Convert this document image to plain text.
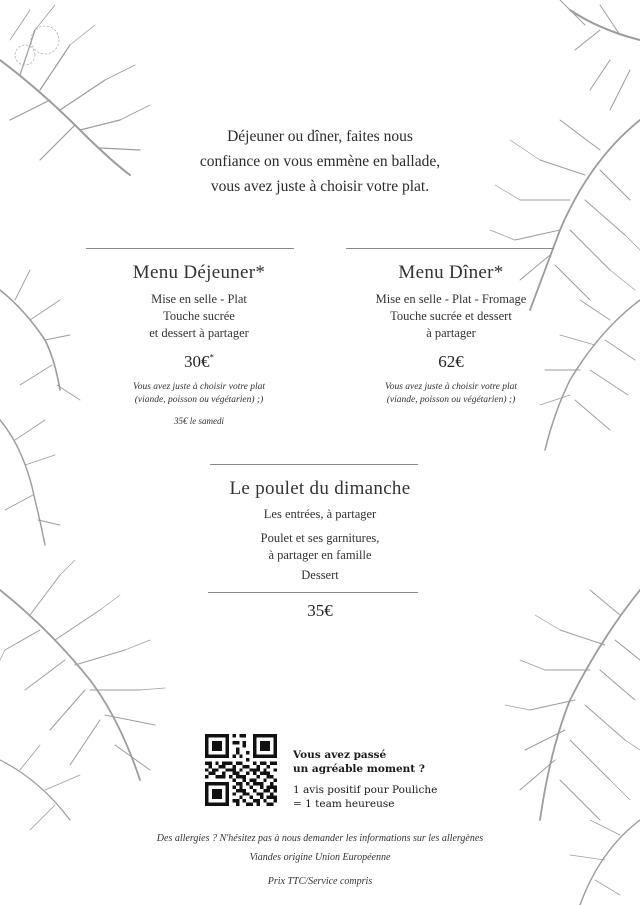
Déjeuner ou dîner, faites nous
confiance on vous emmène en ballade,
vous avez juste à choisir votre plat.
Menu Déjeuner*
Mise en selle - Plat
Touche sucrée
et dessert à partager
30€*
Vous avez juste à choisir votre plat
(viande, poisson ou végétarien) ;)
35€ le samedi
Menu Dîner*
Mise en selle - Plat - Fromage
Touche sucrée et dessert
à partager
62€
Vous avez juste à choisir votre plat
(viande, poisson ou végétarien) ;)
Le poulet du dimanche
Les entrées, à partager
Poulet et ses garnitures,
à partager en famille
Dessert
35€
Vous avez passé
un agréable moment ?
1 avis positif pour Pouliche
= 1 team heureuse
Des allergies ? N'hésitez pas à nous demander les informations sur les allergènes
Viandes origine Union Européenne
Prix TTC/Service compris
